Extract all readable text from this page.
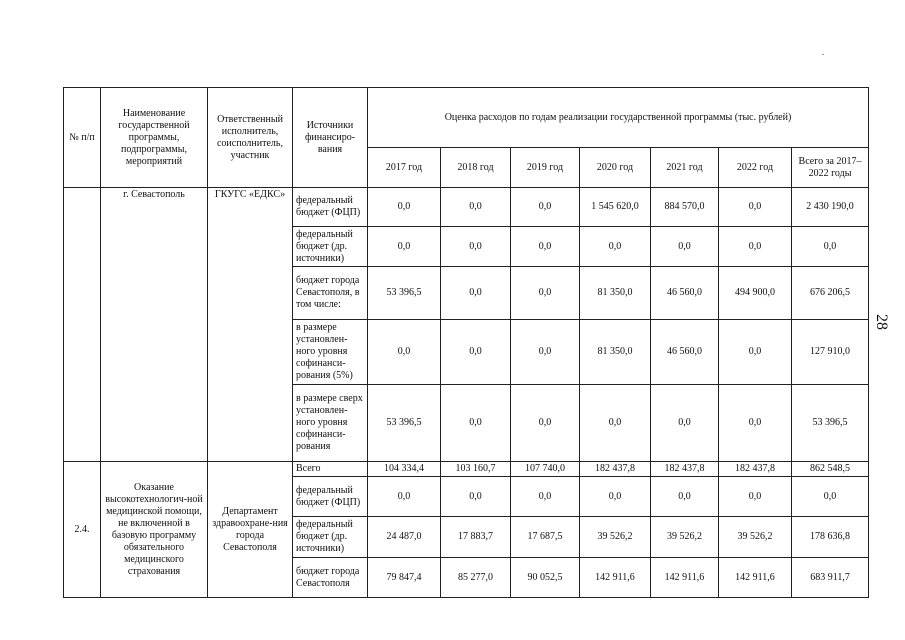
28
№ п/п	Наименование государственной программы, подпрограммы, мероприятий	Ответственный исполнитель, соисполнитель, участник	Источники финансиро-вания	Оценка расходов по годам реализации государственной программы (тыс. рублей)						
				2017 год	2018 год	2019 год	2020 год	2021 год	2022 год	Всего за 2017–2022 годы
	г. Севастополь	ГКУГС «ЕДКС»	федеральный бюджет (ФЦП)	0,0	0,0	0,0	1 545 620,0	884 570,0	0,0	2 430 190,0
			федеральный бюджет (др. источники)	0,0	0,0	0,0	0,0	0,0	0,0	0,0
			бюджет города Севастополя, в том числе:	53 396,5	0,0	0,0	81 350,0	46 560,0	494 900,0	676 206,5
			в размере установлен-ного уровня софинанси-рования (5%)	0,0	0,0	0,0	81 350,0	46 560,0	0,0	127 910,0
			в размере сверх установлен-ного уровня софинанси-рования	53 396,5	0,0	0,0	0,0	0,0	0,0	53 396,5
2.4.	Оказание высокотехнологич-ной медицинской помощи, не включенной в базовую программу обязательного медицинского страхования	Департамент здравоохране-ния города Севастополя	Всего	104 334,4	103 160,7	107 740,0	182 437,8	182 437,8	182 437,8	862 548,5
			федеральный бюджет (ФЦП)	0,0	0,0	0,0	0,0	0,0	0,0	0,0
			федеральный бюджет (др. источники)	24 487,0	17 883,7	17 687,5	39 526,2	39 526,2	39 526,2	178 636,8
			бюджет города Севастополя	79 847,4	85 277,0	90 052,5	142 911,6	142 911,6	142 911,6	683 911,7
